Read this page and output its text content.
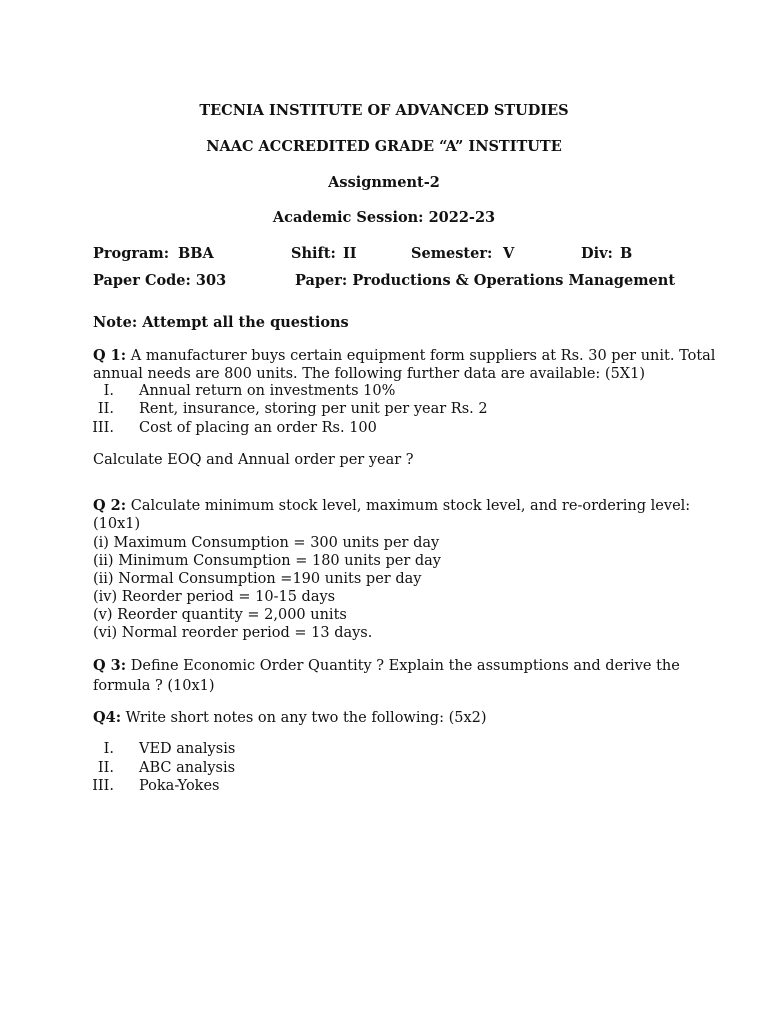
TECNIA INSTITUTE OF ADVANCED STUDIES
NAAC ACCREDITED GRADE “A” INSTITUTE
Assignment-2
Academic Session: 2022-23
Program: BBA	Shift: II	Semester: V	Div: B
Paper Code: 303	Paper: Productions & Operations Management
Note: Attempt all the questions
Q 1: A manufacturer buys certain equipment form suppliers at Rs. 30 per unit. Total
annual needs are 800 units. The following further data are available: (5X1)
I. Annual return on investments 10%
II. Rent, insurance, storing per unit per year Rs. 2
III. Cost of placing an order Rs. 100
Calculate EOQ and Annual order per year ?
Q 2: Calculate minimum stock level, maximum stock level, and re-ordering level:
(10x1)
(i) Maximum Consumption = 300 units per day
(ii) Minimum Consumption = 180 units per day
(ii) Normal Consumption =190 units per day
(iv) Reorder period = 10-15 days
(v) Reorder quantity = 2,000 units
(vi) Normal reorder period = 13 days.
Q 3: Define Economic Order Quantity ? Explain the assumptions and derive the
formula ? (10x1)
Q4: Write short notes on any two the following: (5x2)
I. VED analysis
II. ABC analysis
III. Poka-Yokes
